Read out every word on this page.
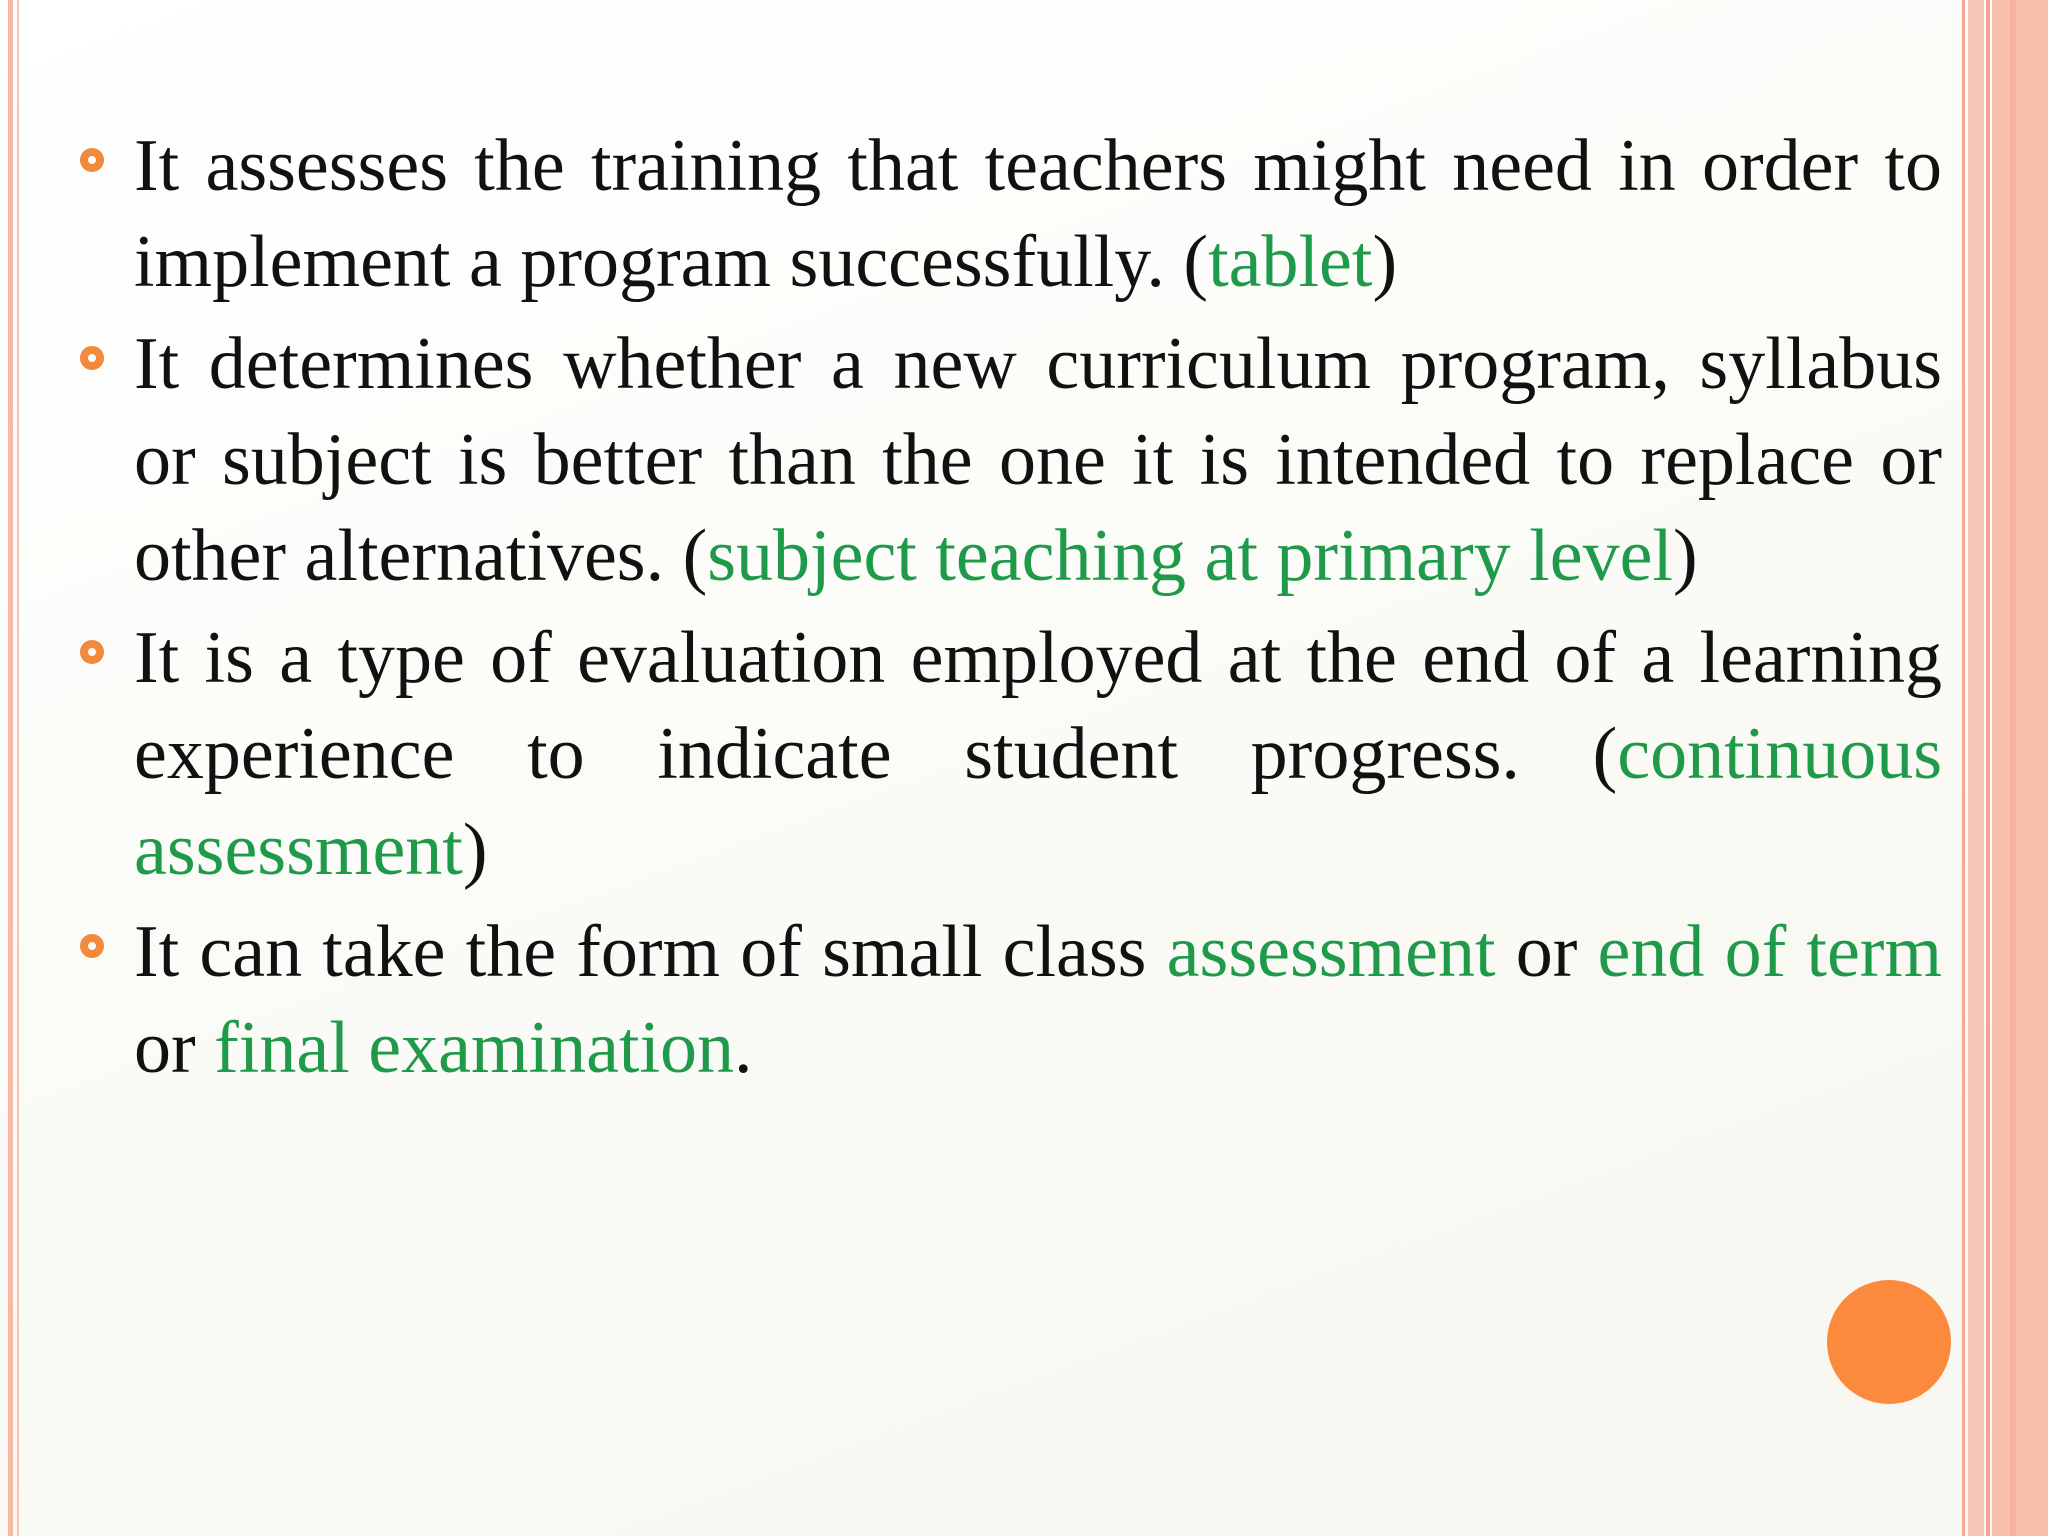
It assesses the training that teachers might need in order to implement a program successfully. (tablet)
It determines whether a new curriculum program, syllabus or subject is better than the one it is intended to replace or other alternatives. (subject teaching at primary level)
It is a type of evaluation employed at the end of a learning experience to indicate student progress. (continuous assessment)
It can take the form of small class assessment or end of term or final examination.
